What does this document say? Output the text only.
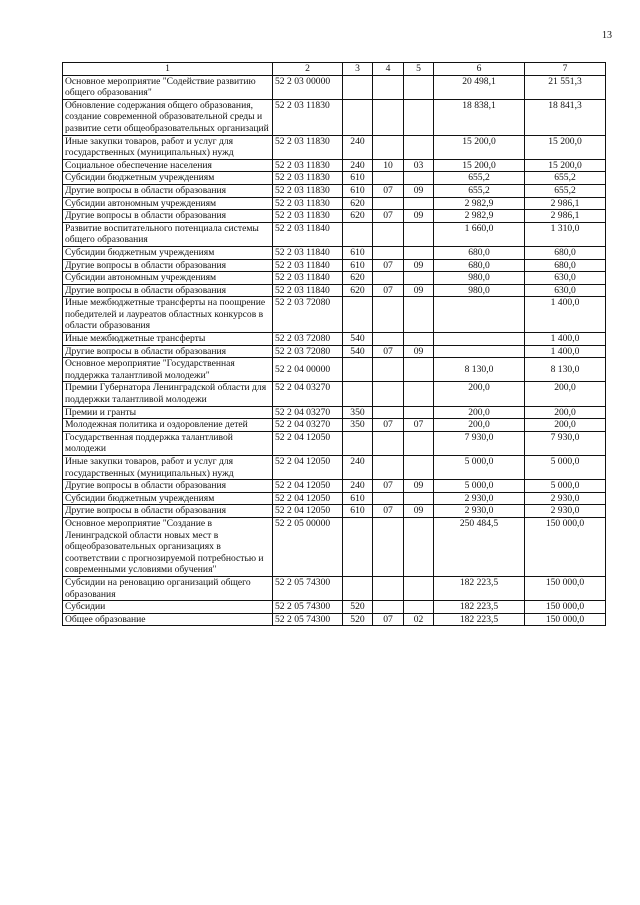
13
1	2	3	4	5	6	7
Основное мероприятие "Содействие развитию общего образования"	52 2 03 00000				20 498,1	21 551,3
Обновление содержания общего образования, создание современной образовательной среды и развитие сети общеобразовательных организаций	52 2 03 11830				18 838,1	18 841,3
Иные закупки товаров, работ и услуг для государственных (муниципальных) нужд	52 2 03 11830	240			15 200,0	15 200,0
Социальное обеспечение населения	52 2 03 11830	240	10	03	15 200,0	15 200,0
Субсидии бюджетным учреждениям	52 2 03 11830	610			655,2	655,2
Другие вопросы в области образования	52 2 03 11830	610	07	09	655,2	655,2
Субсидии автономным учреждениям	52 2 03 11830	620			2 982,9	2 986,1
Другие вопросы в области образования	52 2 03 11830	620	07	09	2 982,9	2 986,1
Развитие воспитательного потенциала системы общего образования	52 2 03 11840				1 660,0	1 310,0
Субсидии бюджетным учреждениям	52 2 03 11840	610			680,0	680,0
Другие вопросы в области образования	52 2 03 11840	610	07	09	680,0	680,0
Субсидии автономным учреждениям	52 2 03 11840	620			980,0	630,0
Другие вопросы в области образования	52 2 03 11840	620	07	09	980,0	630,0
Иные межбюджетные трансферты на поощрение победителей и лауреатов областных конкурсов в области образования	52 2 03 72080					1 400,0
Иные межбюджетные трансферты	52 2 03 72080	540				1 400,0
Другие вопросы в области образования	52 2 03 72080	540	07	09		1 400,0
Основное мероприятие "Государственная поддержка талантливой молодежи"	52 2 04 00000				8 130,0	8 130,0
Премии Губернатора Ленинградской области для поддержки талантливой молодежи	52 2 04 03270				200,0	200,0
Премии и гранты	52 2 04 03270	350			200,0	200,0
Молодежная политика и оздоровление детей	52 2 04 03270	350	07	07	200,0	200,0
Государственная поддержка талантливой молодежи	52 2 04 12050				7 930,0	7 930,0
Иные закупки товаров, работ и услуг для государственных (муниципальных) нужд	52 2 04 12050	240			5 000,0	5 000,0
Другие вопросы в области образования	52 2 04 12050	240	07	09	5 000,0	5 000,0
Субсидии бюджетным учреждениям	52 2 04 12050	610			2 930,0	2 930,0
Другие вопросы в области образования	52 2 04 12050	610	07	09	2 930,0	2 930,0
Основное мероприятие "Создание в Ленинградской области новых мест в общеобразовательных организациях в соответствии с прогнозируемой потребностью и современными условиями обучения"	52 2 05 00000				250 484,5	150 000,0
Субсидии на реновацию организаций общего образования	52 2 05 74300				182 223,5	150 000,0
Субсидии	52 2 05 74300	520			182 223,5	150 000,0
Общее образование	52 2 05 74300	520	07	02	182 223,5	150 000,0
